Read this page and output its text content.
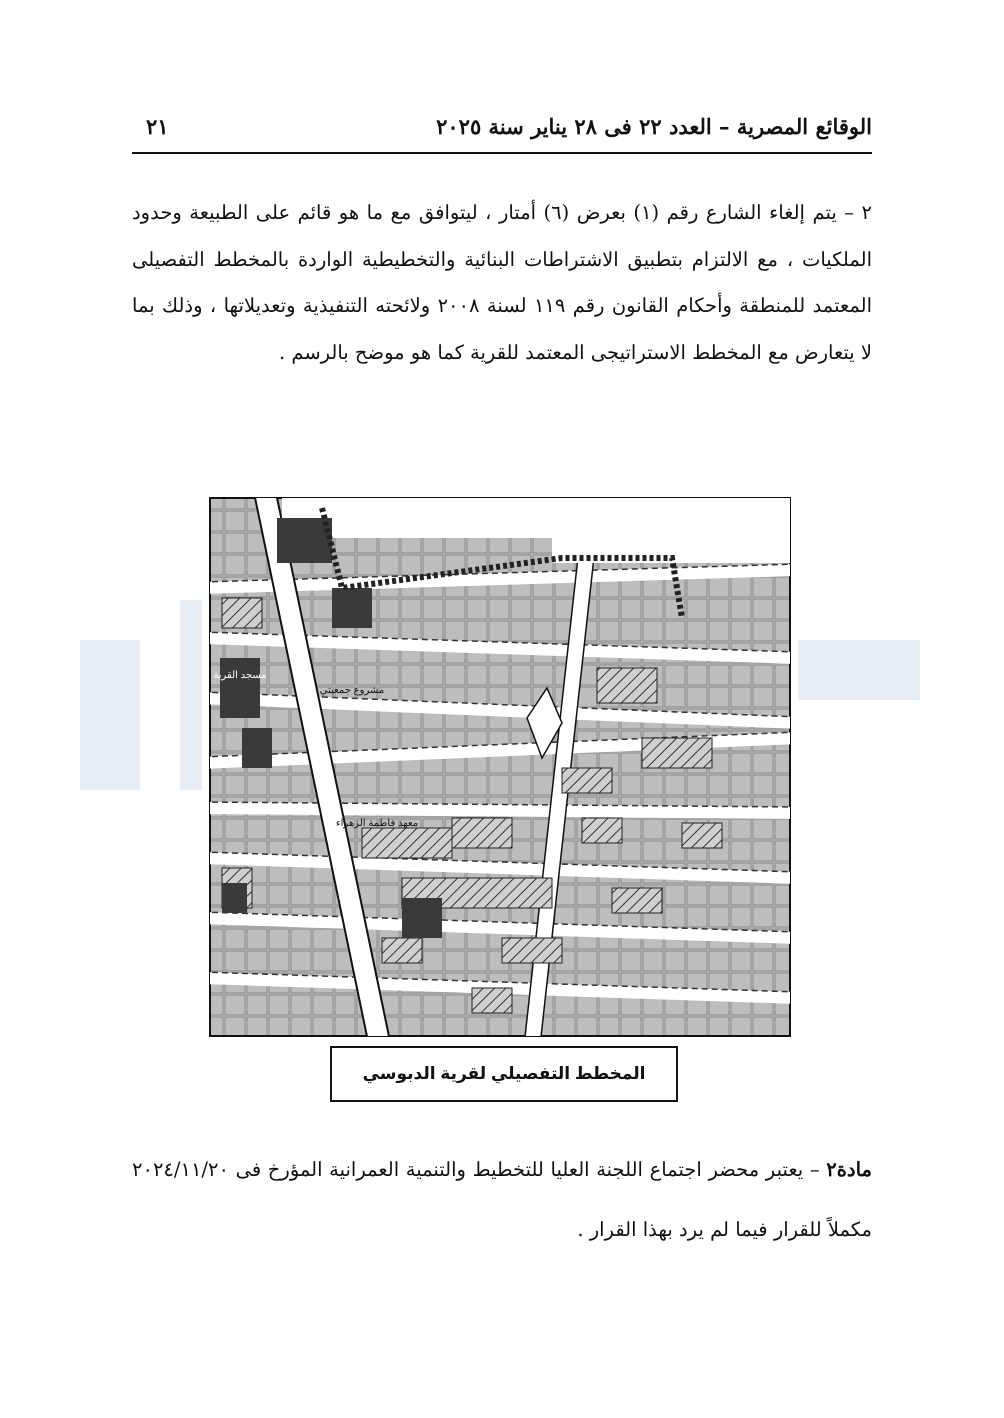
الوقائع المصرية – العدد ٢٢ فى ٢٨ يناير سنة ٢٠٢٥
٢١

٢ – يتم إلغاء الشارع رقم (١) بعرض (٦) أمتار ، ليتوافق مع ما هو قائم على الطبيعة وحدود الملكيات ، مع الالتزام بتطبيق الاشتراطات البنائية والتخطيطية الواردة بالمخطط التفصيلى المعتمد للمنطقة وأحكام القانون رقم ١١٩ لسنة ٢٠٠٨ ولائحته التنفيذية وتعديلاتها ، وذلك بما لا يتعارض مع المخطط الاستراتيجى المعتمد للقرية كما هو موضح بالرسم .

مسجد القرية
مشروع جمعيتي
معهد فاطمة الزهراء
المخطط التفصيلي لقرية الدبوسي
مادة٢ – يعتبر محضر اجتماع اللجنة العليا للتخطيط والتنمية العمرانية المؤرخ فى ٢٠٢٤/١١/٢٠ مكملاً للقرار فيما لم يرد بهذا القرار .
